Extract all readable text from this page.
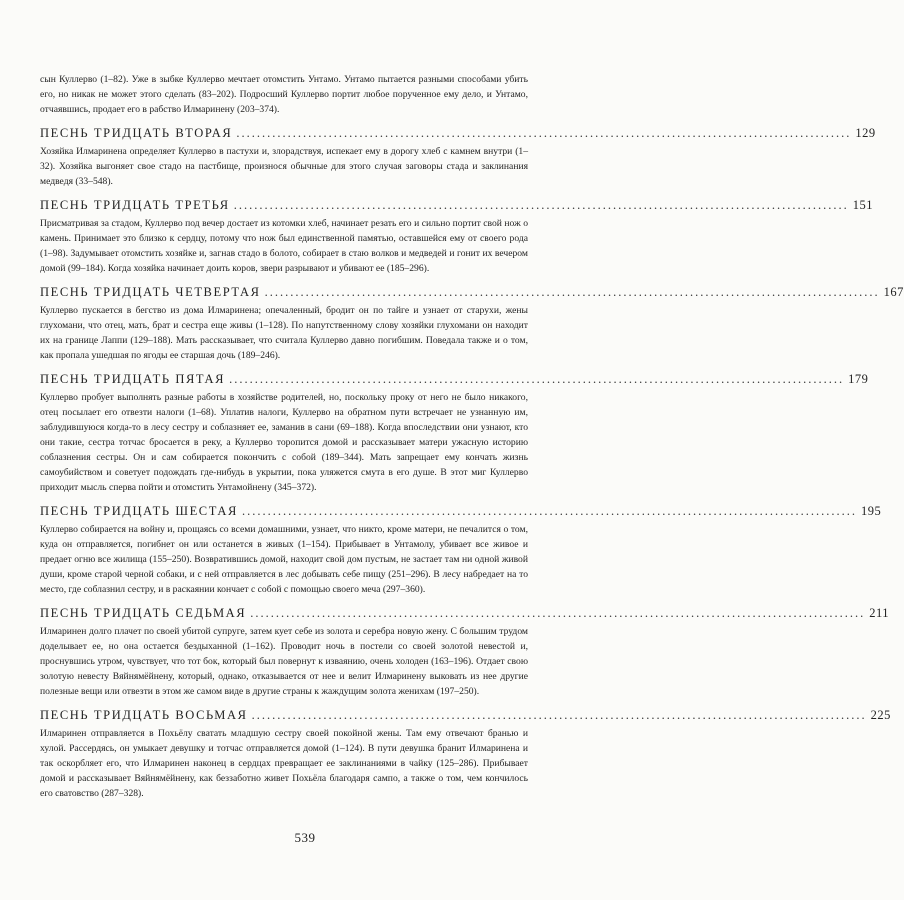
сын Куллерво (1–82). Уже в зыбке Куллерво мечтает отомстить Унтамо. Унтамо пытается разными способами убить его, но никак не может этого сделать (83–202). Подросший Куллерво портит любое порученное ему дело, и Унтамо, отчаявшись, продает его в рабство Илмаринену (203–374).

ПЕСНЬ ТРИДЦАТЬ ВТОРАЯ ........................................................................................................................ 129

Хозяйка Илмаринена определяет Куллерво в пастухи и, злорадствуя, испекает ему в дорогу хлеб с камнем внутри (1–32). Хозяйка выгоняет свое стадо на пастбище, произнося обычные для этого случая заговоры стада и заклинания медведя (33–548).

ПЕСНЬ ТРИДЦАТЬ ТРЕТЬЯ ........................................................................................................................ 151

Присматривая за стадом, Куллерво под вечер достает из котомки хлеб, начинает резать его и сильно портит свой нож о камень. Принимает это близко к сердцу, потому что нож был единственной памятью, оставшейся ему от своего рода (1–98). Задумывает отомстить хозяйке и, загнав стадо в болото, собирает в стаю волков и медведей и гонит их вечером домой (99–184). Когда хозяйка начинает доить коров, звери разрывают и убивают ее (185–296).

ПЕСНЬ ТРИДЦАТЬ ЧЕТВЕРТАЯ ........................................................................................................................ 167

Куллерво пускается в бегство из дома Илмаринена; опечаленный, бродит он по тайге и узнает от старухи, жены глухомани, что отец, мать, брат и сестра еще живы (1–128). По напутственному слову хозяйки глухомани он находит их на границе Лаппи (129–188). Мать рассказывает, что считала Куллерво давно погибшим. Поведала также и о том, как пропала ушедшая по ягоды ее старшая дочь (189–246).

ПЕСНЬ ТРИДЦАТЬ ПЯТАЯ ........................................................................................................................ 179

Куллерво пробует выполнять разные работы в хозяйстве родителей, но, поскольку проку от него не было никакого, отец посылает его отвезти налоги (1–68). Уплатив налоги, Куллерво на обратном пути встречает не узнанную им, заблудившуюся когда-то в лесу сестру и соблазняет ее, заманив в сани (69–188). Когда впоследствии они узнают, кто они такие, сестра тотчас бросается в реку, а Куллерво торопится домой и рассказывает матери ужасную историю соблазнения сестры. Он и сам собирается покончить с собой (189–344). Мать запрещает ему кончать жизнь самоубийством и советует подождать где-нибудь в укрытии, пока уляжется смута в его душе. В этот миг Куллерво приходит мысль сперва пойти и отомстить Унтамойнену (345–372).

ПЕСНЬ ТРИДЦАТЬ ШЕСТАЯ ........................................................................................................................ 195

Куллерво собирается на войну и, прощаясь со всеми домашними, узнает, что никто, кроме матери, не печалится о том, куда он отправляется, погибнет он или останется в живых (1–154). Прибывает в Унтамолу, убивает все живое и предает огню все жилища (155–250). Возвратившись домой, находит свой дом пустым, не застает там ни одной живой души, кроме старой черной собаки, и с ней отправляется в лес добывать себе пищу (251–296). В лесу набредает на то место, где соблазнил сестру, и в раскаянии кончает с собой с помощью своего меча (297–360).

ПЕСНЬ ТРИДЦАТЬ СЕДЬМАЯ ........................................................................................................................ 211

Илмаринен долго плачет по своей убитой супруге, затем кует себе из золота и серебра новую жену. С большим трудом доделывает ее, но она остается бездыханной (1–162). Проводит ночь в постели со своей золотой невестой и, проснувшись утром, чувствует, что тот бок, который был повернут к изваянию, очень холоден (163–196). Отдает свою золотую невесту Вяйнямёйнену, который, однако, отказывается от нее и велит Илмаринену выковать из нее другие полезные вещи или отвезти в этом же самом виде в другие страны к жаждущим золота женихам (197–250).

ПЕСНЬ ТРИДЦАТЬ ВОСЬМАЯ ........................................................................................................................ 225

Илмаринен отправляется в Похьёлу сватать младшую сестру своей покойной жены. Там ему отвечают бранью и хулой. Рассердясь, он умыкает девушку и тотчас отправляется домой (1–124). В пути девушка бранит Илмаринена и так оскорбляет его, что Илмаринен наконец в сердцах превращает ее заклинаниями в чайку (125–286). Прибывает домой и рассказывает Вяйнямёйнену, как беззаботно живет Похьёла благодаря сампо, а также о том, чем кончилось его сватовство (287–328).

539
